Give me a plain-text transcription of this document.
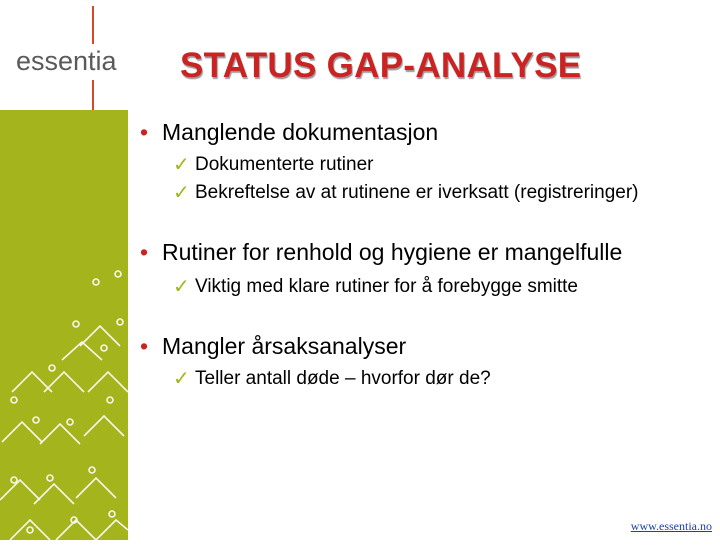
essentia STATUS GAP-ANALYSE
• Manglende dokumentasjon
✓ Dokumenterte rutiner
✓ Bekreftelse av at rutinene er iverksatt (registreringer)
• Rutiner for renhold og hygiene er mangelfulle
✓ Viktig med klare rutiner for å forebygge smitte
• Mangler årsaksanalyser
✓ Teller antall døde – hvorfor dør de?
www.essentia.no
